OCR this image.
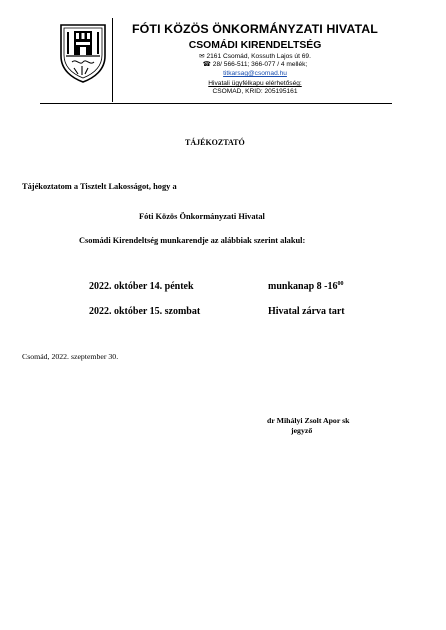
FÓTI KÖZÖS ÖNKORMÁNYZATI HIVATAL
CSOMÁDI KIRENDELTSÉG
✉ 2161 Csomád, Kossuth Lajos út 69.
☎ 28/ 566-511; 366-077 / 4 mellék;
titkarsag@csomad.hu
Hivatali ügyfélkapu elérhetőség:
CSOMAD, KRID: 205195161
TÁJÉKOZTATÓ
Tájékoztatom a Tisztelt Lakosságot, hogy a
Fóti Közös Önkormányzati Hivatal
Csomádi Kirendeltség munkarendje az alábbiak szerint alakul:
2022. október 14. péntek	munkanap 8 $-16^{00}$
2022. október 15. szombat	Hivatal zárva tart
Csomád, 2022. szeptember 30.
dr Mihályi Zsolt Apor sk
jegyző
